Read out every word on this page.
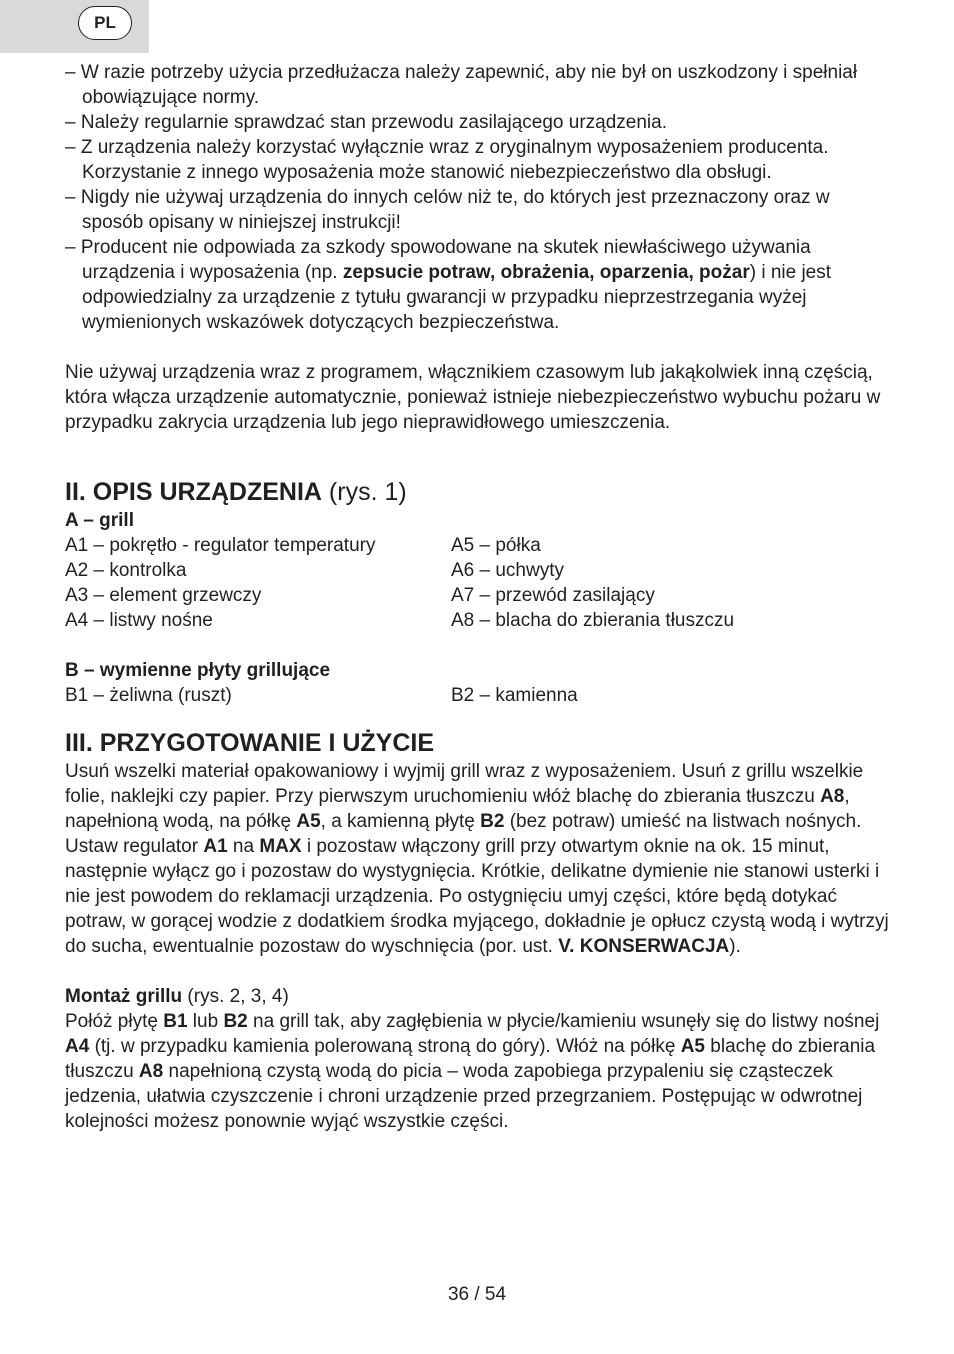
PL

– W razie potrzeby użycia przedłużacza należy zapewnić, aby nie był on uszkodzony i spełniał obowiązujące normy.

– Należy regularnie sprawdzać stan przewodu zasilającego urządzenia.

– Z urządzenia należy korzystać wyłącznie wraz z oryginalnym wyposażeniem producenta. Korzystanie z innego wyposażenia może stanowić niebezpieczeństwo dla obsługi.

– Nigdy nie używaj urządzenia do innych celów niż te, do których jest przeznaczony oraz w sposób opisany w niniejszej instrukcji!

– Producent nie odpowiada za szkody spowodowane na skutek niewłaściwego używania urządzenia i wyposażenia (np. zepsucie potraw, obrażenia, oparzenia, pożar) i nie jest odpowiedzialny za urządzenie z tytułu gwarancji w przypadku nieprzestrzegania wyżej wymienionych wskazówek dotyczących bezpieczeństwa.

Nie używaj urządzenia wraz z programem, włącznikiem czasowym lub jakąkolwiek inną częścią, która włącza urządzenie automatycznie, ponieważ istnieje niebezpieczeństwo wybuchu pożaru w przypadku zakrycia urządzenia lub jego nieprawidłowego umieszczenia.

II. OPIS URZĄDZENIA (rys. 1)

A – grill

A1 – pokrętło - regulator temperatury	A5 – półka
A2 – kontrolka	A6 – uchwyty
A3 – element grzewczy	A7 – przewód zasilający
A4 – listwy nośne	A8 – blacha do zbierania tłuszczu

B – wymienne płyty grillujące

B1 – żeliwna (ruszt)	B2 – kamienna
III. PRZYGOTOWANIE I UŻYCIE

Usuń wszelki materiał opakowaniowy i wyjmij grill wraz z wyposażeniem. Usuń z grillu wszelkie folie, naklejki czy papier. Przy pierwszym uruchomieniu włóż blachę do zbierania tłuszczu A8, napełnioną wodą, na półkę A5, a kamienną płytę B2 (bez potraw) umieść na listwach nośnych. Ustaw regulator A1 na MAX i pozostaw włączony grill przy otwartym oknie na ok. 15 minut, następnie wyłącz go i pozostaw do wystygnięcia. Krótkie, delikatne dymienie nie stanowi usterki i nie jest powodem do reklamacji urządzenia. Po ostygnięciu umyj części, które będą dotykać potraw, w gorącej wodzie z dodatkiem środka myjącego, dokładnie je opłucz czystą wodą i wytrzyj do sucha, ewentualnie pozostaw do wyschnięcia (por. ust. V. KONSERWACJA).

Montaż grillu (rys. 2, 3, 4)

Połóż płytę B1 lub B2 na grill tak, aby zagłębienia w płycie/kamieniu wsunęły się do listwy nośnej A4 (tj. w przypadku kamienia polerowaną stroną do góry). Włóż na półkę A5 blachę do zbierania tłuszczu A8 napełnioną czystą wodą do picia – woda zapobiega przypaleniu się cząsteczek jedzenia, ułatwia czyszczenie i chroni urządzenie przed przegrzaniem. Postępując w odwrotnej kolejności możesz ponownie wyjąć wszystkie części.

36 / 54
